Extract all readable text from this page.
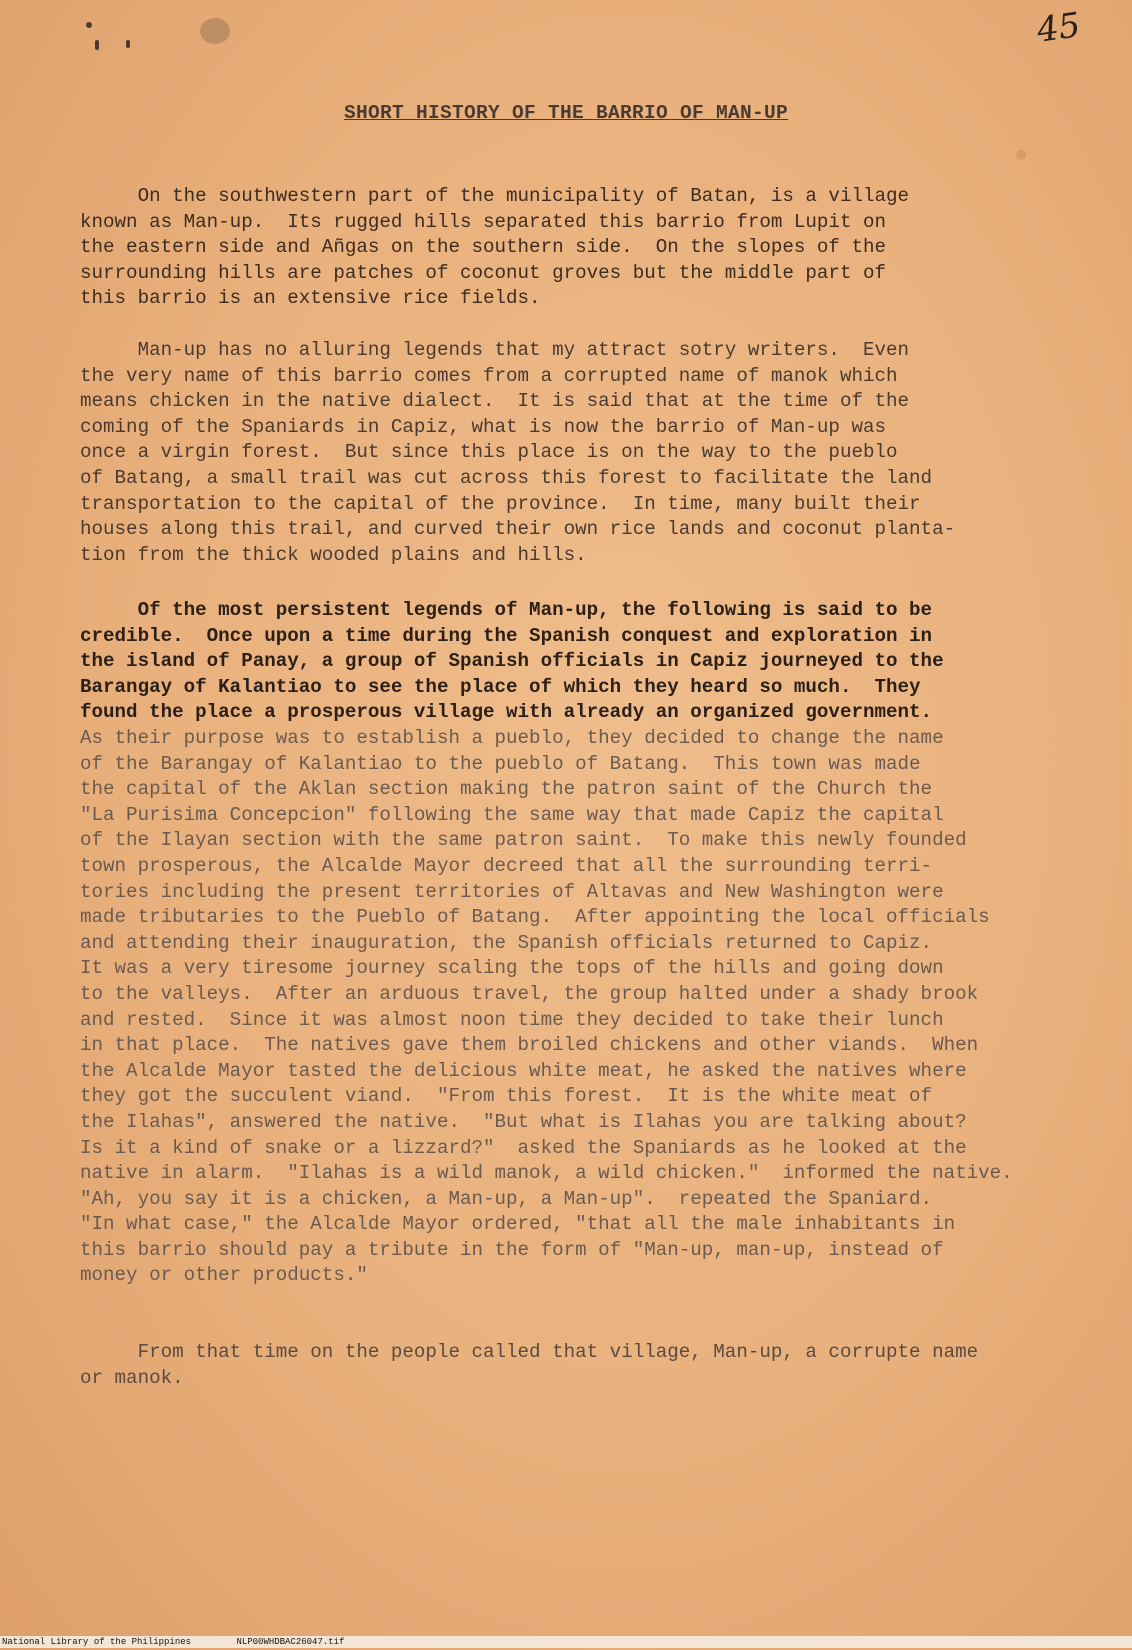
45
SHORT HISTORY OF THE BARRIO OF MAN-UP

On the southwestern part of the municipality of Batan, is a village
known as Man-up.  Its rugged hills separated this barrio from Lupit on
the eastern side and Añgas on the southern side.  On the slopes of the
surrounding hills are patches of coconut groves but the middle part of
this barrio is an extensive rice fields.

Man-up has no alluring legends that my attract sotry writers.  Even
the very name of this barrio comes from a corrupted name of manok which
means chicken in the native dialect.  It is said that at the time of the
coming of the Spaniards in Capiz, what is now the barrio of Man-up was
once a virgin forest.  But since this place is on the way to the pueblo
of Batang, a small trail was cut across this forest to facilitate the land
transportation to the capital of the province.  In time, many built their
houses along this trail, and curved their own rice lands and coconut planta-
tion from the thick wooded plains and hills.

Of the most persistent legends of Man-up, the following is said to be
credible.  Once upon a time during the Spanish conquest and exploration in
the island of Panay, a group of Spanish officials in Capiz journeyed to the
Barangay of Kalantiao to see the place of which they heard so much.  They
found the place a prosperous village with already an organized government.

As their purpose was to establish a pueblo, they decided to change the name
of the Barangay of Kalantiao to the pueblo of Batang.  This town was made
the capital of the Aklan section making the patron saint of the Church the
"La Purisima Concepcion" following the same way that made Capiz the capital
of the Ilayan section with the same patron saint.  To make this newly founded
town prosperous, the Alcalde Mayor decreed that all the surrounding terri-
tories including the present territories of Altavas and New Washington were
made tributaries to the Pueblo of Batang.  After appointing the local officials
and attending their inauguration, the Spanish officials returned to Capiz.
It was a very tiresome journey scaling the tops of the hills and going down
to the valleys.  After an arduous travel, the group halted under a shady brook
and rested.  Since it was almost noon time they decided to take their lunch
in that place.  The natives gave them broiled chickens and other viands.  When
the Alcalde Mayor tasted the delicious white meat, he asked the natives where
they got the succulent viand.  "From this forest.  It is the white meat of
the Ilahas", answered the native.  "But what is Ilahas you are talking about?
Is it a kind of snake or a lizzard?"  asked the Spaniards as he looked at the
native in alarm.  "Ilahas is a wild manok, a wild chicken."  informed the native.
"Ah, you say it is a chicken, a Man-up, a Man-up".  repeated the Spaniard.
"In what case," the Alcalde Mayor ordered, "that all the male inhabitants in
this barrio should pay a tribute in the form of "Man-up, man-up, instead of
money or other products."

From that time on the people called that village, Man-up, a corrupte name
or manok.

National Library of the Philippines	NLP00WHDBAC26047.tif
